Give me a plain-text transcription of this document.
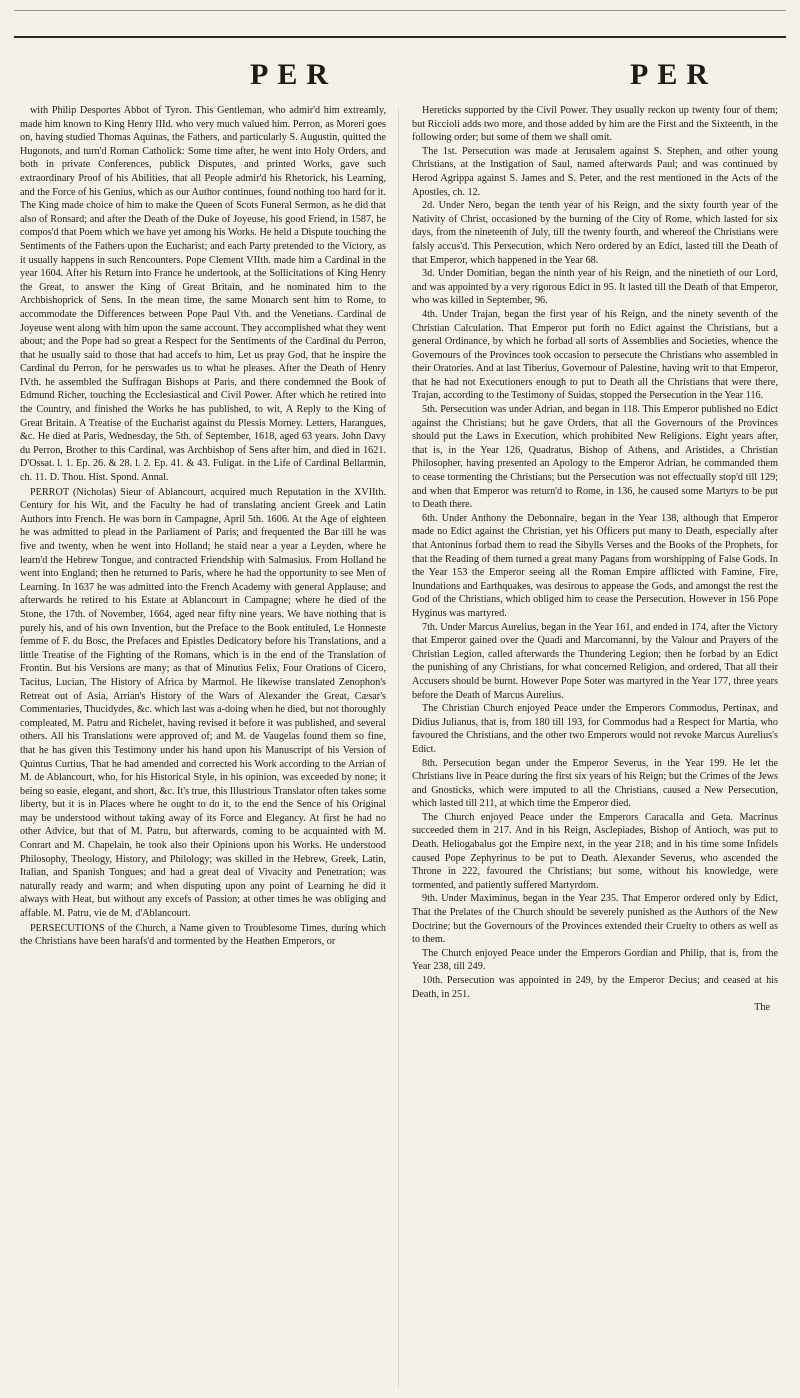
PER	PER

with Philip Desportes Abbot of Tyron. This Gentleman, who admir'd him extreamly, made him known to King Henry IIId. who very much valued him. Perron, as Moreri goes on, having studied Thomas Aquinas, the Fathers, and particularly S. Augustin, quitted the Hugonots, and turn'd Roman Catholick: Some time after, he went into Holy Orders, and both in private Conferences, publick Disputes, and printed Works, gave such extraordinary Proof of his Abilities, that all People admir'd his Rhetorick, his Learning, and the Force of his Genius, which as our Author continues, found nothing too hard for it. The King made choice of him to make the Queen of Scots Funeral Sermon, as he did that also of Ronsard; and after the Death of the Duke of Joyeuse, his good Friend, in 1587, he compos'd that Poem which we have yet among his Works. He held a Dispute touching the Sentiments of the Fathers upon the Eucharist; and each Party pretended to the Victory, as it usually happens in such Rencounters. Pope Clement VIIth. made him a Cardinal in the year 1604. After his Return into France he undertook, at the Sollicitations of King Henry the Great, to answer the King of Great Britain, and he nominated him to the Archbishoprick of Sens. In the mean time, the same Monarch sent him to Rome, to accommodate the Differences between Pope Paul Vth. and the Venetians. Cardinal de Joyeuse went along with him upon the same account. They accomplished what they went about; and the Pope had so great a Respect for the Sentiments of the Cardinal du Perron, that he usually said to those that had accefs to him, Let us pray God, that he inspire the Cardinal du Perron, for he perswades us to what he pleases. After the Death of Henry IVth. he assembled the Suffragan Bishops at Paris, and there condemned the Book of Edmund Richer, touching the Ecclesiastical and Civil Power. After which he retired into the Country, and finished the Works he has published, to wit, A Reply to the King of Great Britain. A Treatise of the Eucharist against du Plessis Morney. Letters, Harangues, &c. He died at Paris, Wednesday, the 5th. of September, 1618, aged 63 years. John Davy du Perron, Brother to this Cardinal, was Archbishop of Sens after him, and died in 1621. D'Ossat. l. 1. Ep. 26. & 28. l. 2. Ep. 41. & 43. Fuligat. in the Life of Cardinal Bellarmin, ch. 11. D. Thou. Hist. Spond. Annal.

PERROT (Nicholas) Sieur of Ablancourt, acquired much Reputation in the XVIIth. Century for his Wit, and the Faculty he had of translating ancient Greek and Latin Authors into French. He was born in Campagne, April 5th. 1606. At the Age of eighteen he was admitted to plead in the Parliament of Paris; and frequented the Bar till he was five and twenty, when he went into Holland; he staid near a year a Leyden, where he learn'd the Hebrew Tongue, and contracted Friendship with Salmasius. From Holland he went into England; then he returned to Paris, where he had the opportunity to see Men of Learning. In 1637 he was admitted into the French Academy with general Applause; and afterwards he retired to his Estate at Ablancourt in Campagne; where he died of the Stone, the 17th. of November, 1664, aged near fifty nine years. We have nothing that is purely his, and of his own Invention, but the Preface to the Book entituled, Le Honneste femme of F. du Bosc, the Prefaces and Epistles Dedicatory before his Translations, and a little Treatise of the Fighting of the Romans, which is in the end of the Translation of Frontin. But his Versions are many; as that of Minutius Felix, Four Orations of Cicero, Tacitus, Lucian, The History of Africa by Marmol. He likewise translated Zenophon's Retreat out of Asia, Arrian's History of the Wars of Alexander the Great, Cæsar's Commentaries, Thucidydes, &c. which last was a-doing when he died, but not thoroughly compleated, M. Patru and Richelet, having revised it before it was published, and several others. All his Translations were approved of; and M. de Vaugelas found them so fine, that he has given this Testimony under his hand upon his Manuscript of his Version of Quintus Curtius, That he had amended and corrected his Work according to the Arrian of M. de Ablancourt, who, for his Historical Style, in his opinion, was exceeded by none; it being so easie, elegant, and short, &c. It's true, this Illustrious Translator often takes some liberty, but it is in Places where he ought to do it, to the end the Sence of his Original may be understood without taking away of its Force and Elegancy. At first he had no other Advice, but that of M. Patru, but afterwards, coming to be acquainted with M. Conrart and M. Chapelain, he took also their Opinions upon his Works. He understood Philosophy, Theology, History, and Philology; was skilled in the Hebrew, Greek, Latin, Italian, and Spanish Tongues; and had a great deal of Vivacity and Penetration; was naturally ready and warm; and when disputing upon any point of Learning he did it always with Heat, but without any excefs of Passion; at other times he was obliging and affable. M. Patru, vie de M. d'Ablancourt.

PERSECUTIONS of the Church, a Name given to Troublesome Times, during which the Christians have been harafs'd and tormented by the Heathen Emperors, or

Hereticks supported by the Civil Power. They usually reckon up twenty four of them; but Riccioli adds two more, and those added by him are the First and the Sixteenth, in the following order; but some of them we shall omit.

The 1st. Persecution was made at Jerusalem against S. Stephen, and other young Christians, at the Instigation of Saul, named afterwards Paul; and was continued by Herod Agrippa against S. James and S. Peter, and the rest mentioned in the Acts of the Apostles, ch. 12.

2d. Under Nero, began the tenth year of his Reign, and the sixty fourth year of the Nativity of Christ, occasioned by the burning of the City of Rome, which lasted for six days, from the nineteenth of July, till the twenty fourth, and whereof the Christians were falsly accus'd. This Persecution, which Nero ordered by an Edict, lasted till the Death of that Emperor, which happened in the Year 68.

3d. Under Domitian, began the ninth year of his Reign, and the ninetieth of our Lord, and was appointed by a very rigorous Edict in 95. It lasted till the Death of that Emperor, who was killed in September, 96.

4th. Under Trajan, began the first year of his Reign, and the ninety seventh of the Christian Calculation. That Emperor put forth no Edict against the Christians, but a general Ordinance, by which he forbad all sorts of Assemblies and Societies, whence the Governours of the Provinces took occasion to persecute the Christians who assembled in their Oratories. And at last Tiberius, Governour of Palestine, having writ to that Emperor, that he had not Executioners enough to put to Death all the Christians that were there, Trajan, according to the Testimony of Suidas, stopped the Persecution in the Year 116.

5th. Persecution was under Adrian, and began in 118. This Emperor published no Edict against the Christians; but he gave Orders, that all the Governours of the Provinces should put the Laws in Execution, which prohibited New Religions. Eight years after, that is, in the Year 126, Quadratus, Bishop of Athens, and Aristides, a Christian Philosopher, having presented an Apology to the Emperor Adrian, he commanded them to cease tormenting the Christians; but the Persecution was not effectually stop'd till 129; and when that Emperor was return'd to Rome, in 136, he caused some Martyrs to be put to Death there.

6th. Under Anthony the Debonnaire, began in the Year 138, although that Emperor made no Edict against the Christian, yet his Officers put many to Death, especially after that Antoninus forbad them to read the Sibylls Verses and the Books of the Prophets, for that the Reading of them turned a great many Pagans from worshipping of False Gods. In the Year 153 the Emperor seeing all the Roman Empire afflicted with Famine, Fire, Inundations and Earthquakes, was desirous to appease the Gods, and amongst the rest the God of the Christians, which obliged him to cease the Persecution. However in 156 Pope Hyginus was martyred.

7th. Under Marcus Aurelius, began in the Year 161, and ended in 174, after the Victory that Emperor gained over the Quadi and Marcomanni, by the Valour and Prayers of the Christian Legion, called afterwards the Thundering Legion; then he forbad by an Edict the punishing of any Christians, for what concerned Religion, and ordered, That all their Accusers should be burnt. However Pope Soter was martyred in the Year 177, three years before the Death of Marcus Aurelius.

The Christian Church enjoyed Peace under the Emperors Commodus, Pertinax, and Didius Julianus, that is, from 180 till 193, for Commodus had a Respect for Martia, who favoured the Christians, and the other two Emperors would not revoke Marcus Aurelius's Edict.

8th. Persecution began under the Emperor Severus, in the Year 199. He let the Christians live in Peace during the first six years of his Reign; but the Crimes of the Jews and Gnosticks, which were imputed to all the Christians, caused a New Persecution, which lasted till 211, at which time the Emperor died.

The Church enjoyed Peace under the Emperors Caracalla and Geta. Macrinus succeeded them in 217. And in his Reign, Asclepiades, Bishop of Antioch, was put to Death. Heliogabalus got the Empire next, in the year 218; and in his time some Infidels caused Pope Zephyrinus to be put to Death. Alexander Severus, who ascended the Throne in 222, favoured the Christians; but some, without his knowledge, were tormented, and patiently suffered Martyrdom.

9th. Under Maximinus, began in the Year 235. That Emperor ordered only by Edict, That the Prelates of the Church should be severely punished as the Authors of the New Doctrine; but the Governours of the Provinces extended their Cruelty to others as well as to them.

The Church enjoyed Peace under the Emperors Gordian and Philip, that is, from the Year 238, till 249.

10th. Persecution was appointed in 249, by the Emperor Decius; and ceased at his Death, in 251.

The
